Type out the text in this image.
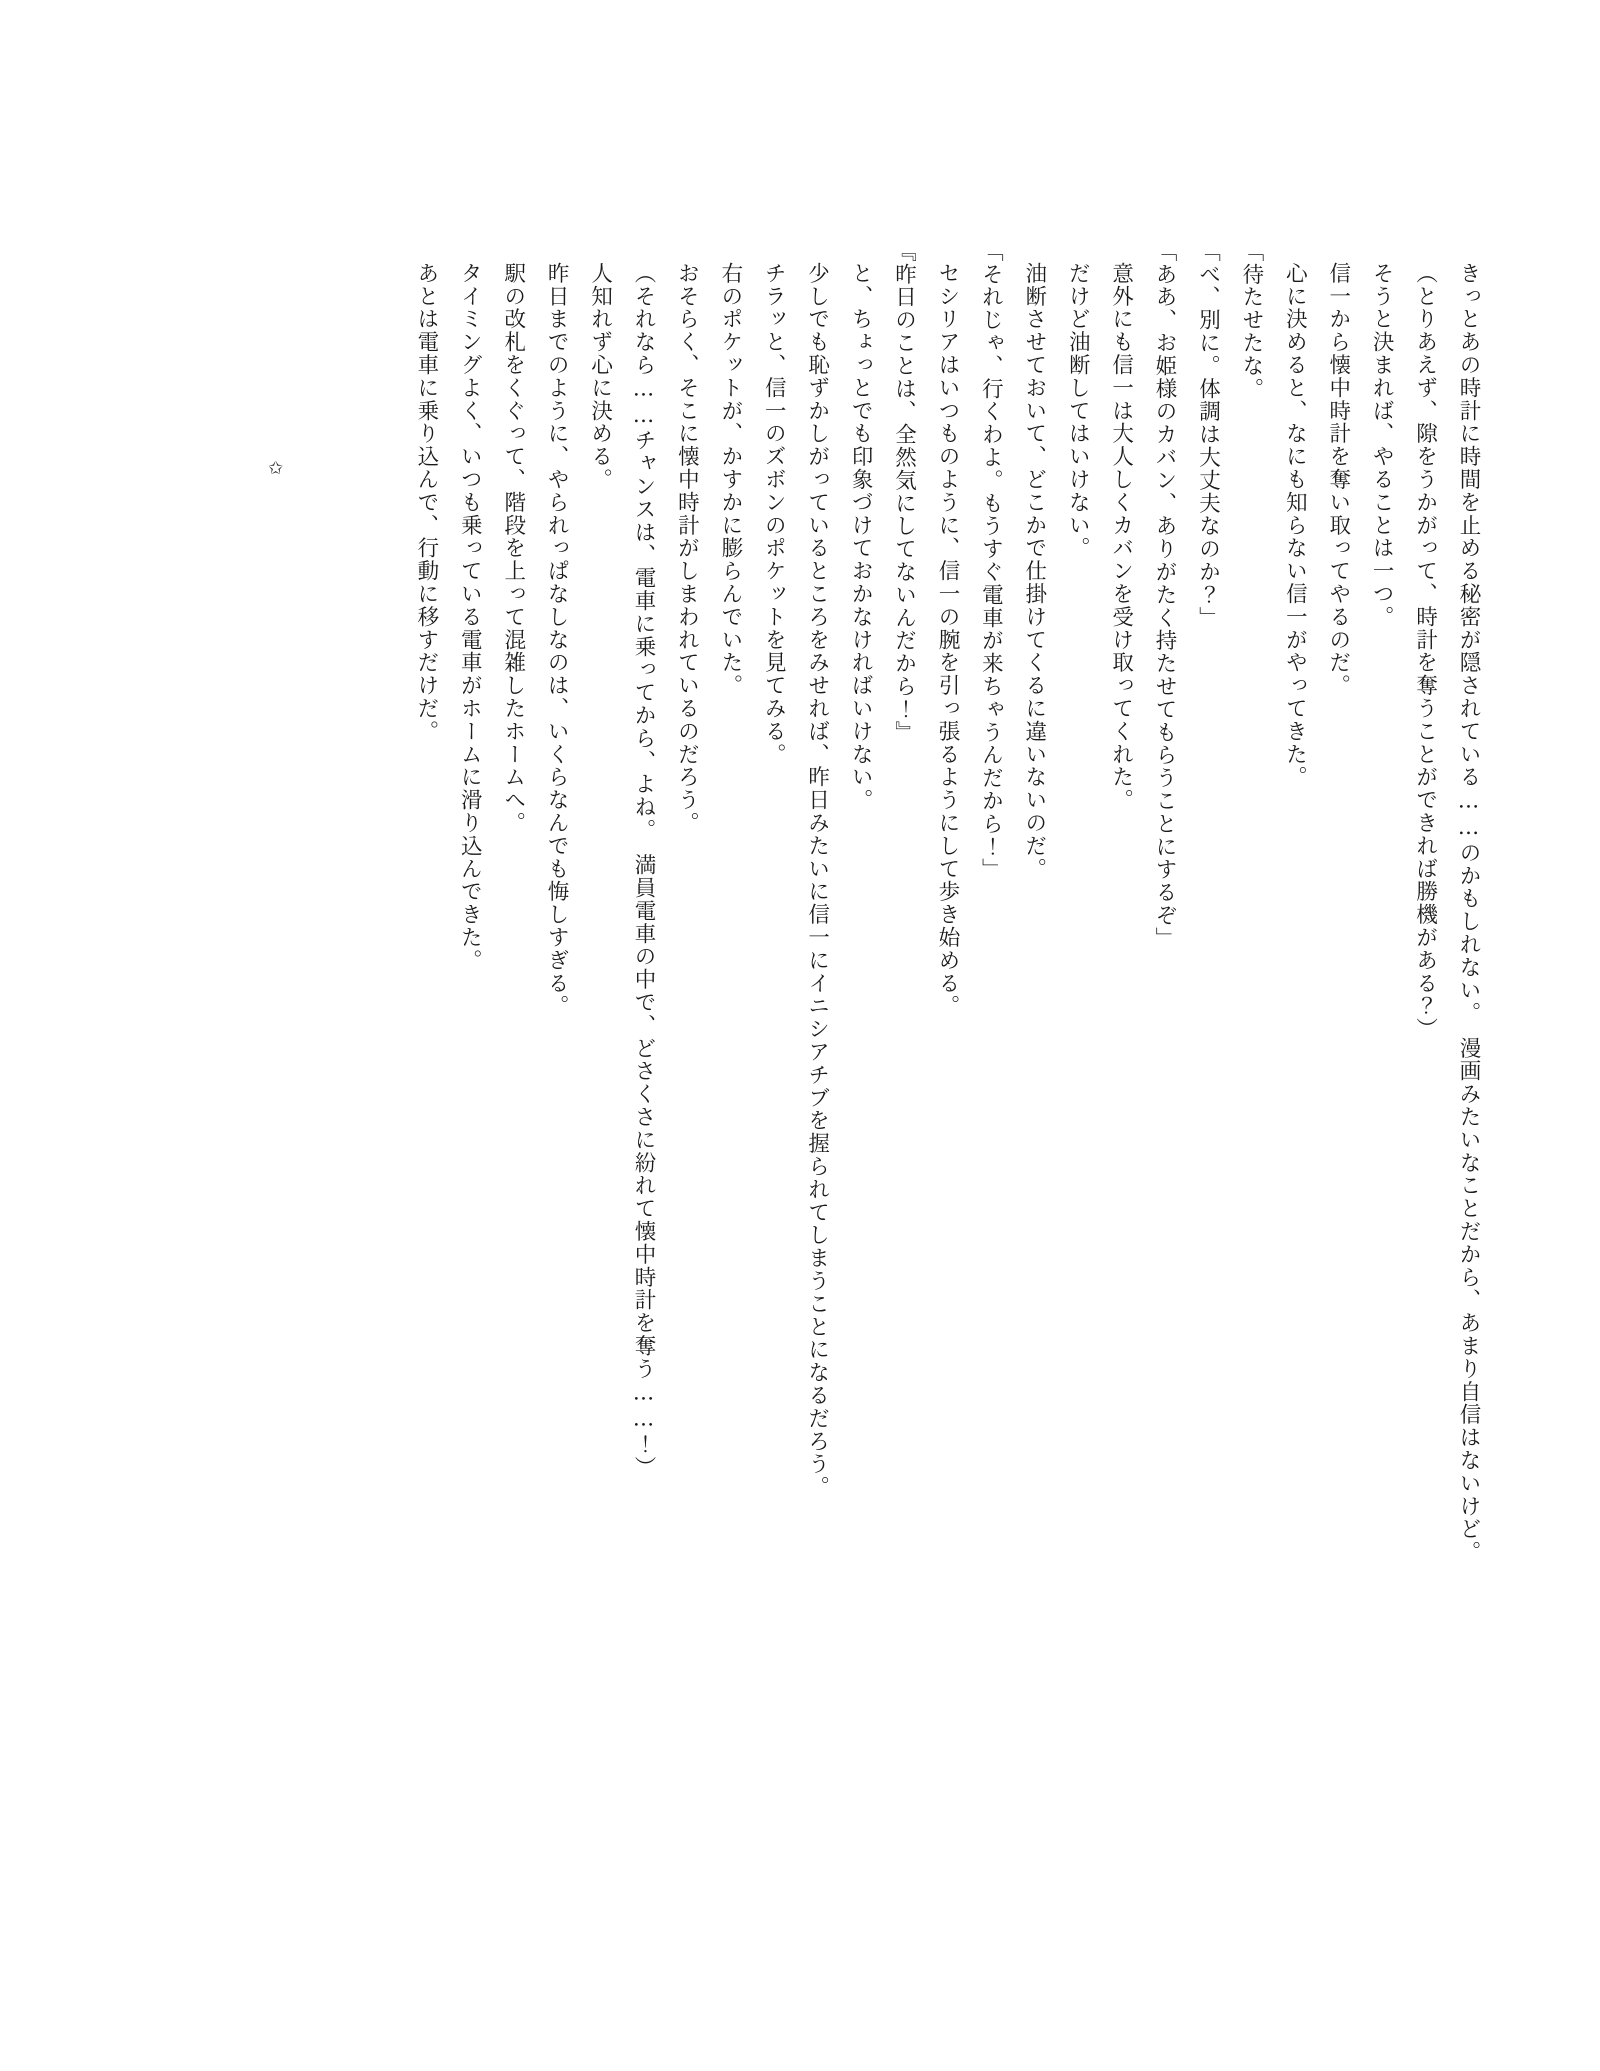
きっとあの時計に時間を止める秘密が隠されている……のかもしれない。　漫画みたいなことだから、あまり自信はないけど。

（とりあえず、隙をうかがって、時計を奪うことができれば勝機がある？）

そうと決まれば、やることは一つ。

信一から懐中時計を奪い取ってやるのだ。

心に決めると、なにも知らない信一がやってきた。

「待たせたな。

「べ、別に。体調は大丈夫なのか？」

「ああ、お姫様のカバン、ありがたく持たせてもらうことにするぞ」

意外にも信一は大人しくカバンを受け取ってくれた。

だけど油断してはいけない。

油断させておいて、どこかで仕掛けてくるに違いないのだ。

「それじゃ、行くわよ。もうすぐ電車が来ちゃうんだから！」

セシリアはいつものように、信一の腕を引っ張るようにして歩き始める。

『昨日のことは、全然気にしてないんだから！』

と、ちょっとでも印象づけておかなければいけない。

少しでも恥ずかしがっているところをみせれば、昨日みたいに信一にイニシアチブを握られてしまうことになるだろう。

チラッと、信一のズボンのポケットを見てみる。

右のポケットが、かすかに膨らんでいた。

おそらく、そこに懐中時計がしまわれているのだろう。

（それなら……チャンスは、電車に乗ってから、よね。　満員電車の中で、どさくさに紛れて懐中時計を奪う……！）

人知れず心に決める。

昨日までのように、やられっぱなしなのは、いくらなんでも悔しすぎる。

駅の改札をくぐって、階段を上って混雑したホームへ。

タイミングよく、いつも乗っている電車がホームに滑り込んできた。

あとは電車に乗り込んで、行動に移すだけだ。

✩
